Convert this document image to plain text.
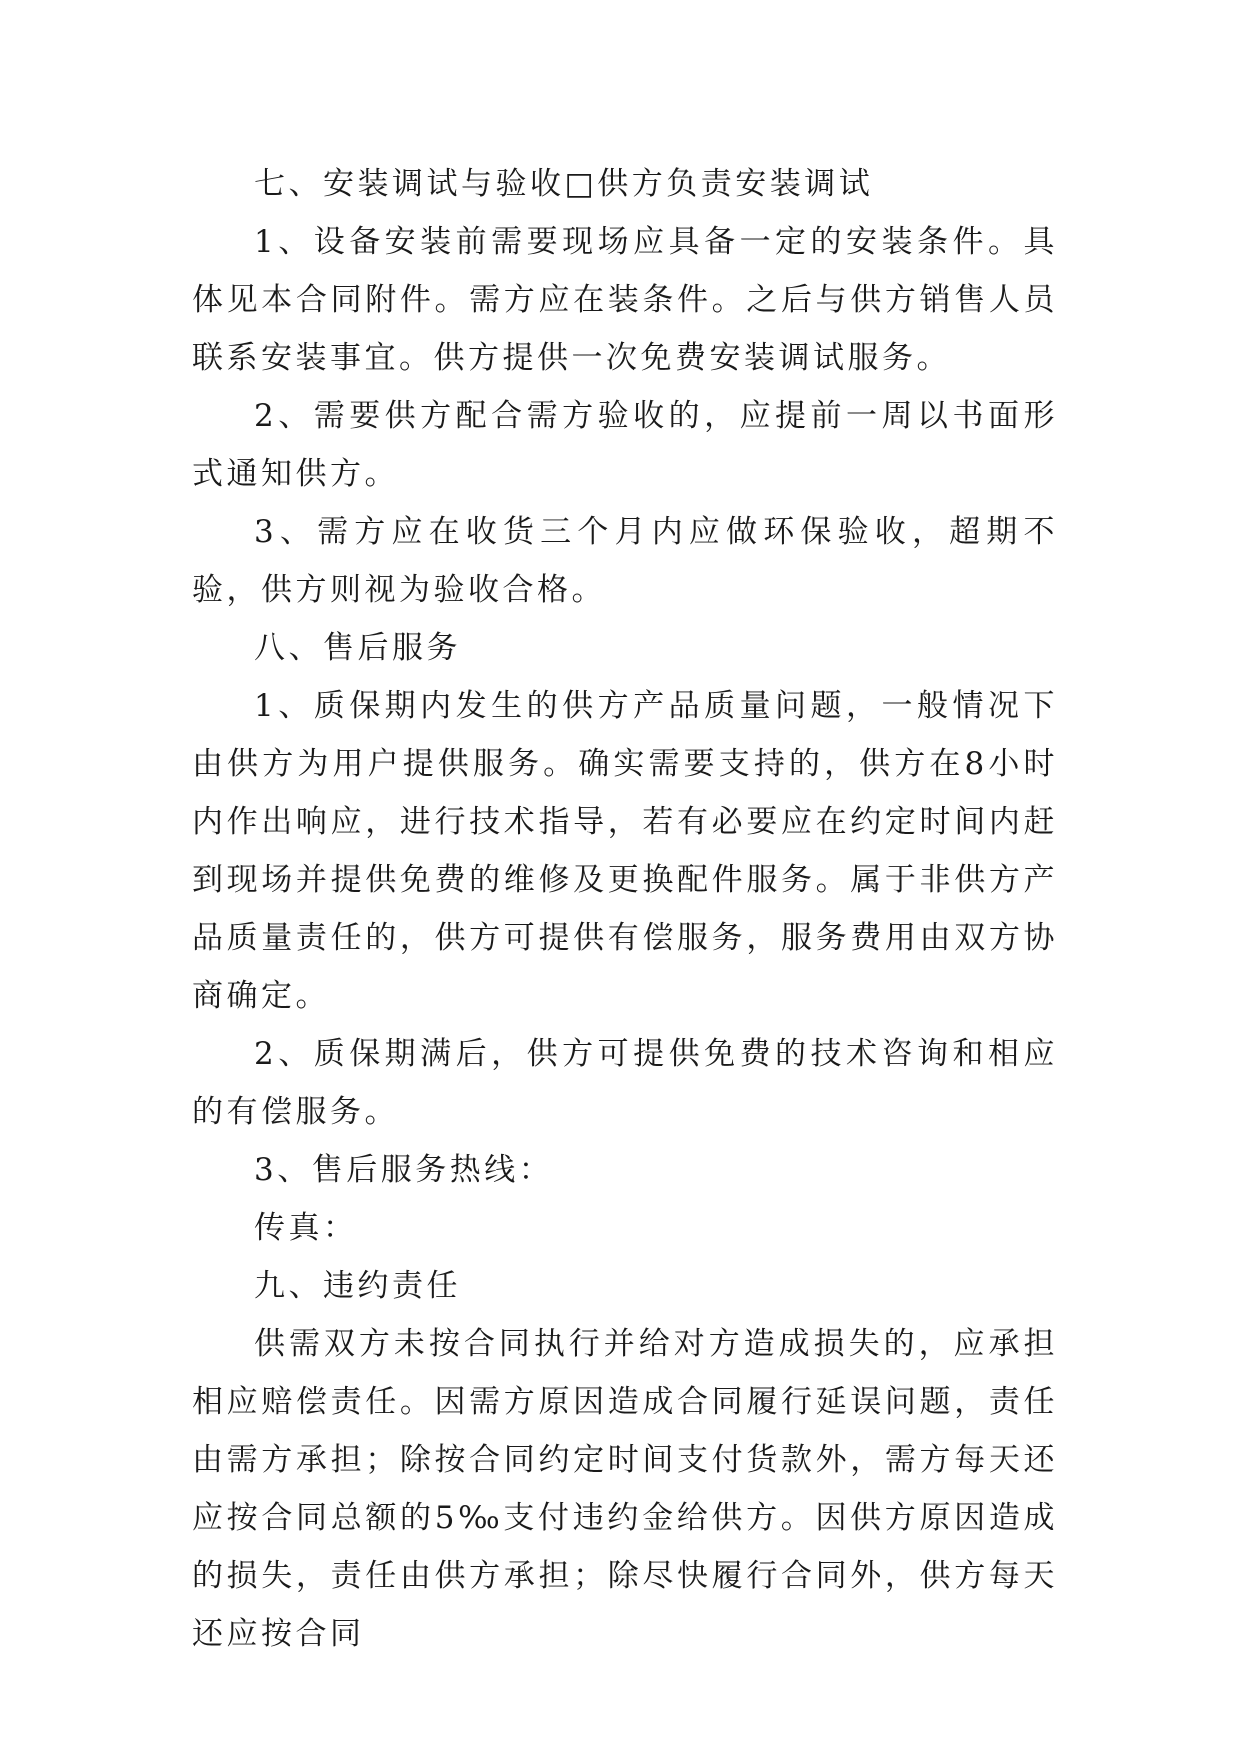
七、安装调试与验收□供方负责安装调试

1、设备安装前需要现场应具备一定的安装条件。具体见本合同附件。需方应在装条件。之后与供方销售人员联系安装事宜。供方提供一次免费安装调试服务。

2、需要供方配合需方验收的，应提前一周以书面形式通知供方。

3、需方应在收货三个月内应做环保验收，超期不验，供方则视为验收合格。

八、售后服务

1、质保期内发生的供方产品质量问题，一般情况下由供方为用户提供服务。确实需要支持的，供方在8小时内作出响应，进行技术指导，若有必要应在约定时间内赶到现场并提供免费的维修及更换配件服务。属于非供方产品质量责任的，供方可提供有偿服务，服务费用由双方协商确定。

2、质保期满后，供方可提供免费的技术咨询和相应的有偿服务。

3、售后服务热线：

传真：

九、违约责任

供需双方未按合同执行并给对方造成损失的，应承担相应赔偿责任。因需方原因造成合同履行延误问题，责任由需方承担；除按合同约定时间支付货款外，需方每天还应按合同总额的5‰支付违约金给供方。因供方原因造成的损失，责任由供方承担；除尽快履行合同外，供方每天还应按合同
